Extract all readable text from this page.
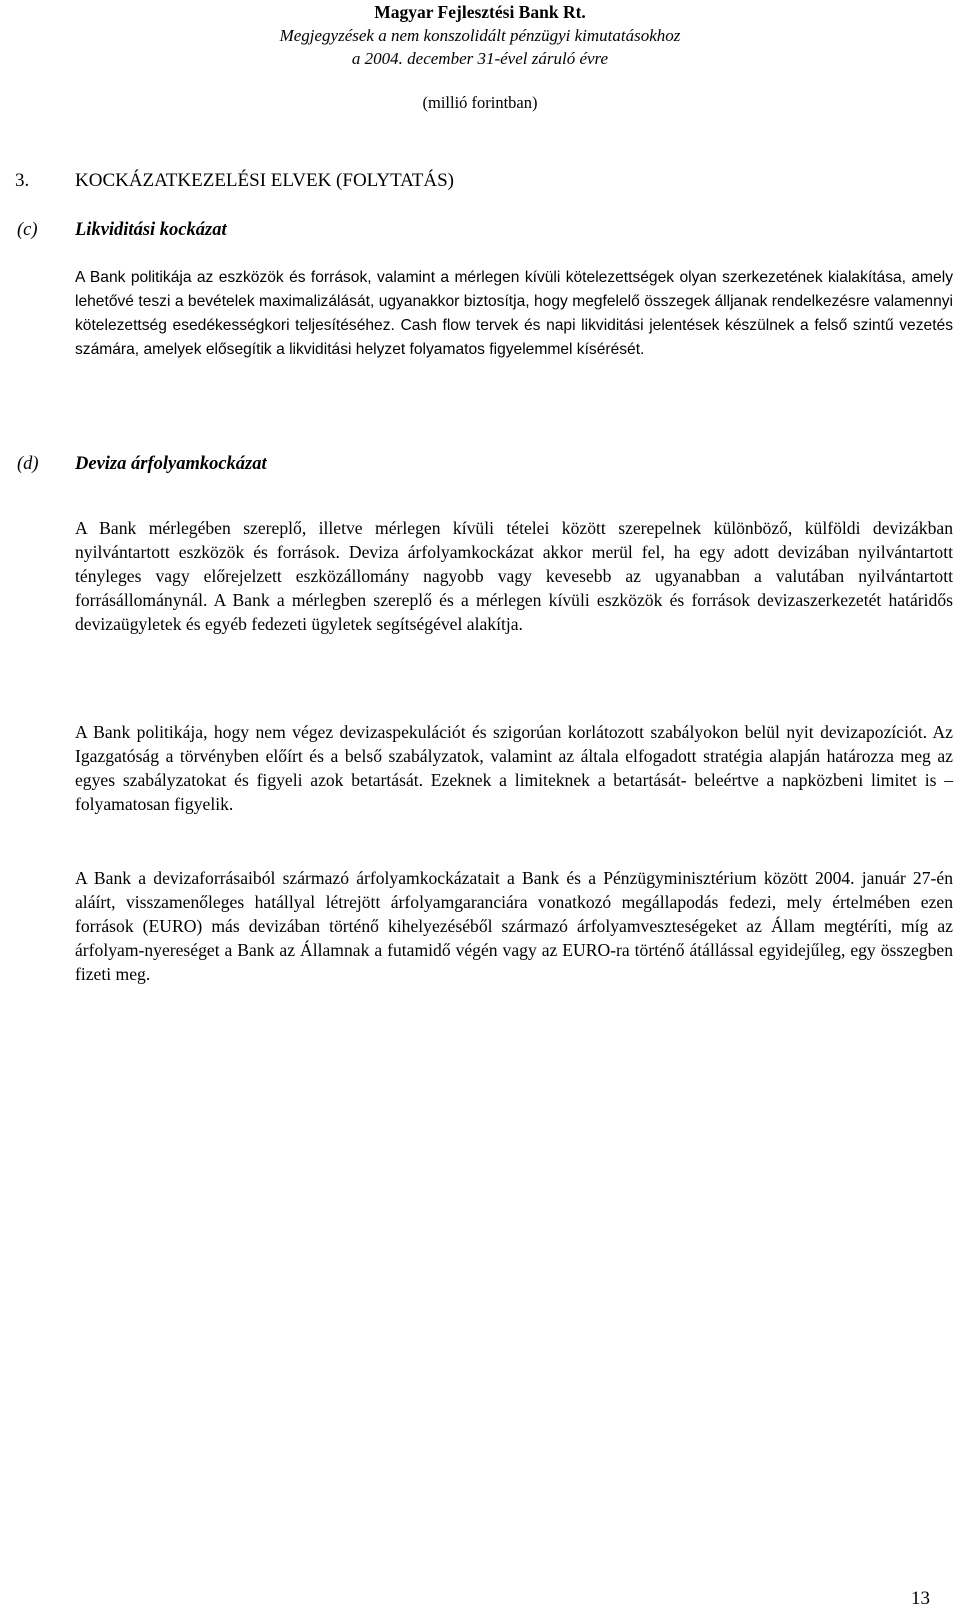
Magyar Fejlesztési Bank Rt.
Megjegyzések a nem konszolidált pénzügyi kimutatásokhoz
a 2004. december 31-ével záruló évre
(millió forintban)
3. KOCKÁZATKEZELÉSI ELVEK (FOLYTATÁS)
(c) Likviditási kockázat

A Bank politikája az eszközök és források, valamint a mérlegen kívüli kötelezettségek olyan szerkezetének kialakítása, amely lehetővé teszi a bevételek maximalizálását, ugyanakkor biztosítja, hogy megfelelő összegek álljanak rendelkezésre valamennyi kötelezettség esedékességkori teljesítéséhez. Cash flow tervek és napi likviditási jelentések készülnek a felső szintű vezetés számára, amelyek elősegítik a likviditási helyzet folyamatos figyelemmel kísérését.

(d) Deviza árfolyamkockázat

A Bank mérlegében szereplő, illetve mérlegen kívüli tételei között szerepelnek különböző, külföldi devizákban nyilvántartott eszközök és források. Deviza árfolyamkockázat akkor merül fel, ha egy adott devizában nyilvántartott tényleges vagy előrejelzett eszközállomány nagyobb vagy kevesebb az ugyanabban a valutában nyilvántartott forrásállománynál. A Bank a mérlegben szereplő és a mérlegen kívüli eszközök és források devizaszerkezetét határidős devizaügyletek és egyéb fedezeti ügyletek segítségével alakítja.

A Bank politikája, hogy nem végez devizaspekulációt és szigorúan korlátozott szabályokon belül nyit devizapozíciót. Az Igazgatóság a törvényben előírt és a belső szabályzatok, valamint az általa elfogadott stratégia alapján határozza meg az egyes szabályzatokat és figyeli azok betartását. Ezeknek a limiteknek a betartását- beleértve a napközbeni limitet is – folyamatosan figyelik.

A Bank a devizaforrásaiból származó árfolyamkockázatait a Bank és a Pénzügyminisztérium között 2004. január 27-én aláírt, visszamenőleges hatállyal létrejött árfolyamgaranciára vonatkozó megállapodás fedezi, mely értelmében ezen források (EURO) más devizában történő kihelyezéséből származó árfolyamveszteségeket az Állam megtéríti, míg az árfolyam-nyereséget a Bank az Államnak a futamidő végén vagy az EURO-ra történő átállással egyidejűleg, egy összegben fizeti meg.

13
